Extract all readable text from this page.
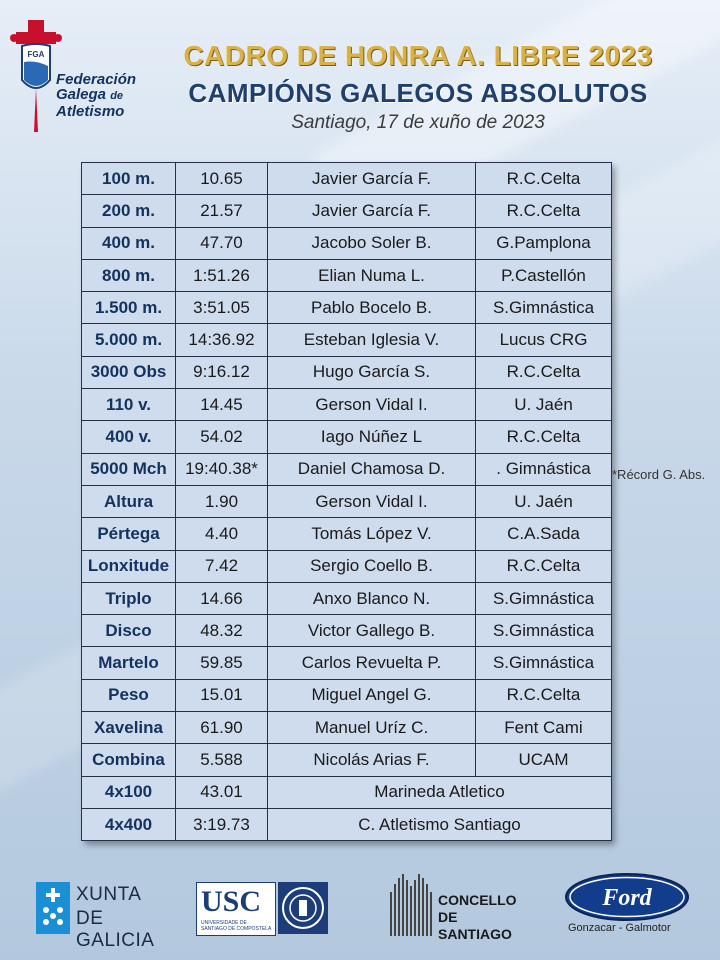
FGA
Federación
Galega de
Atletismo
CADRO DE HONRA A. LIBRE 2023
CAMPIÓNS GALEGOS ABSOLUTOS
Santiago, 17 de xuño de 2023
100 m.	10.65	Javier García F.	R.C.Celta
200 m.	21.57	Javier García F.	R.C.Celta
400 m.	47.70	Jacobo Soler B.	G.Pamplona
800 m.	1:51.26	Elian Numa L.	P.Castellón
1.500 m.	3:51.05	Pablo Bocelo B.	S.Gimnástica
5.000 m.	14:36.92	Esteban Iglesia V.	Lucus CRG
3000 Obs	9:16.12	Hugo García S.	R.C.Celta
110 v.	14.45	Gerson Vidal I.	U. Jaén
400 v.	54.02	Iago Núñez L	R.C.Celta
5000 Mch	19:40.38*	Daniel Chamosa D.	. Gimnástica
Altura	1.90	Gerson Vidal I.	U. Jaén
Pértega	4.40	Tomás López V.	C.A.Sada
Lonxitude	7.42	Sergio Coello B.	R.C.Celta
Triplo	14.66	Anxo Blanco N.	S.Gimnástica
Disco	48.32	Victor Gallego B.	S.Gimnástica
Martelo	59.85	Carlos Revuelta P.	S.Gimnástica
Peso	15.01	Miguel Angel G.	R.C.Celta
Xavelina	61.90	Manuel Uríz C.	Fent Cami
Combina	5.588	Nicolás Arias F.	UCAM
4x100	43.01	Marineda Atletico	
4x400	3:19.73	C. Atletismo Santiago	
*Récord G. Abs.
XUNTA
DE GALICIA
USC
UNIVERSIDADE DE SANTIAGO DE COMPOSTELA
CONCELLO DE
SANTIAGO
Ford
Gonzacar - Galmotor
